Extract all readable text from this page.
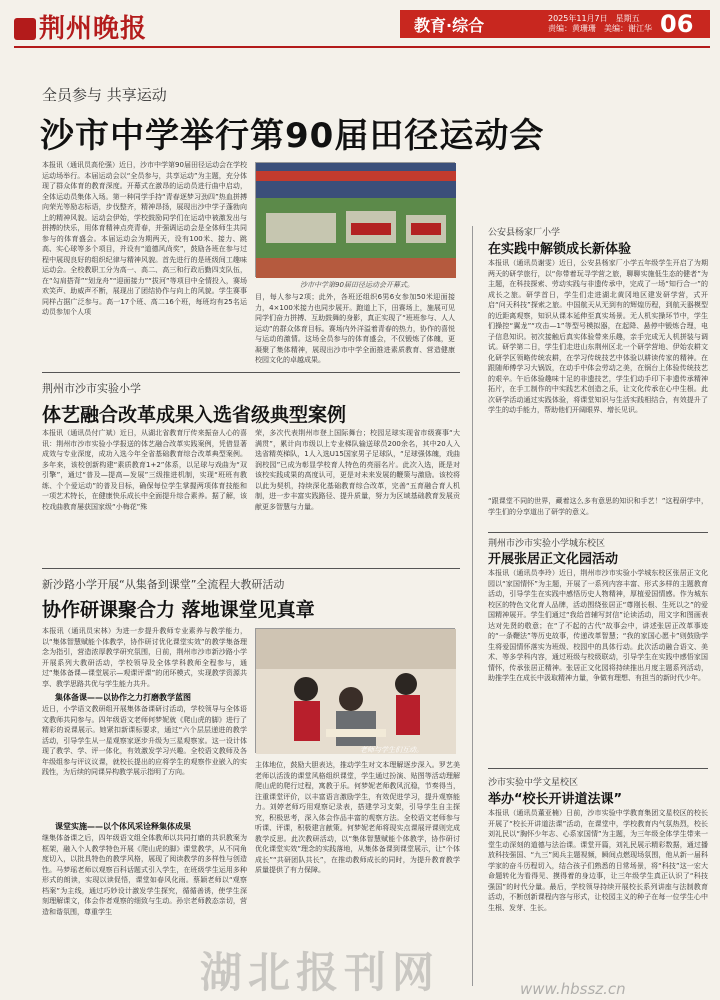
荆州晚报	教育·综合	2025年11月7日　星期五
责编：黄珊珊　美编：谢江华 06
全员参与 共享运动
沙市中学举行第90届田径运动会
本报讯（通讯员高伦强）近日，沙市中学第90届田径运动会在学校运动场举行。本届运动会以“全员参与，共享运动”为主题，充分体现了群众体育的教育深度。开幕式在激昂的运动员进行曲中启动，全体运动员集体入场。第一种同学手持“青春逐梦习劲四”热血拼搏向荣光等励志标语，步伐整齐，精神昂扬，展现出沙中学子蓬勃向上的精神风貌。运动会伊始，学校鼓励同学们在运动中被激发出与拼搏的快乐，用体育精神点亮青春，并强调运动会是全体师生共同参与的体育盛会。本届运动会为期两天，设有100米、接力、跳高、实心球等多个项目，并设有“道德风尚奖”，鼓励各班在参与过程中展现良好的组织纪律与精神风貌。首先进行的是班级间工趣味运动会。全校教职工分为高一、高二、高三和行政后勤四支队伍，在“勾肩搭背”“划龙舟”“迎面接力”“拔河”等项目中全情投入，赛场欢笑声、助威声不断，展现出了团结协作与向上的风貌。学生赛事同样占据广泛参与。高一17个班、高二16个班，每班均有25名运动员参加个人项
沙市中学第90届田径运动会开幕式。
目，每人参与2项；此外，各班还组织6男6女参加50米迎面接力，4×100米接力也同步展开。跑道上下，田赛场上，施展可见同学们奋力拼搏、互助鼓舞的身影，真正实现了“班班参与、人人运动”的群众体育目标。赛场内外洋溢着青春的热力，协作的喜悦与运动的激情。这场全员参与的体育盛会，不仅锻炼了体魄，更凝聚了集体精神，展现出沙市中学全面推进素质教育、营造健康校园文化的卓越成果。
荆州市沙市实验小学
体艺融合改革成果入选省级典型案例
本报讯（通讯员付广斌）近日，从湖北省教育厅传来振奋人心的喜讯：荆州市沙市实验小学报送的体艺融合改革实践案例，凭借显著成效与专业深度，成功入选今年全省基础教育综合改革典型案例。多年来，该校创新构建“素质教育1+2”体系，以足球与戏曲为“双引擎”，通过“普及—提高—发展”三级推进机制，实现“班班有教练、个个爱运动”的普及目标，确保每位学生掌握两项体育技能和一项艺术特长，在健康快乐成长中全面提升综合素养。据了解，该校戏曲教育屡获国家级“小梅花”殊
荣，多次代表荆州市登上国际舞台；校园足球实现省市级赛事“大满贯”，累计向市级以上专业梯队输送球员200余名，其中20人入选省精英梯队，1人入选U15国家男子足球队，“足球强体魄，戏曲润校园”已成为彰显学校育人特色的亮丽名片。此次入选，既是对该校实践成果的高度认可，更是对未来发展的鞭策与激励。该校将以此为契机，持续深化基础教育综合改革，完善“五育融合育人机制，进一步丰富实践路径、提升质量，努力为区域基础教育发展贡献更多智慧与力量。
新沙路小学开展“从集备到课堂”全流程大教研活动
协作研课聚合力 落地课堂见真章
本报讯（通讯员宋林）为进一步提升教师专业素养与教学能力，以“集体智慧赋能个体教学，协作研讨优化课堂实效”的教学集备理念为指引，营造浓厚教学研究氛围，日前，荆州市沙市新沙路小学开展系列大教研活动，学校领导及全体学科教师全程参与，通过“集体备课—课堂展示—观课评课”的闭环模式，实现教学资源共享、教学思路共优与学生能力共升。
集体备课——以协作之力打磨教学蓝图
近日，小学语文教研组开展集体备课研讨活动，学校领导与全体语文教师共同参与。四年级语文老师何梦妮就《爬山虎的脚》进行了精彩的说课展示。她紧扣新课标要求，通过“六个层层递进的教学活动，引导学生从一星观察家逐步升级为三星观察家。这一设计体现了教学、学、评一体化，有效激发学习兴趣。全校语文教师及各年级组参与评议议课，就校长提出的应将学生的观察作业嵌入的实践性，为后续的同课异构教学展示指明了方向。
课堂实施——以个体风采诠释集体成果
继集体备课之后，四年级语文组全体教师以共同打磨的共识教案为框架，融入个人教学特色开展《爬山虎的脚》课堂教学，从不同角度切入，以批具特色的教学风格，展现了阅读教学的多样性与创造性。马梦瑶老师以观察百科话题式引入学生，在班级学生运用多种形式的朗读，实现以读促悟，课堂如春风化雨。蔡颖老师以“观察档案”为主线，通过巧妙设计激发学生探究，循循善诱，使学生深刻理解课文，体会作者观察的细致与生动。孙宗老师教态亲切，营造和谐氛围，尊重学生
老师与学生们互动。
主体地位，鼓励大胆表达，推动学生对文本理解逐步深入。罗艺美老师以活泼的课堂风格组织课堂，学生通过扮演、贴图等活动理解爬山虎的爬行过程，寓教于乐。何梦妮老师教风沉稳，节奏得当，注重课堂评价，以丰富语言激励学生，有效促进学习，提升观察能力。刘婷老师巧用观察记录表，搭建学习支架，引导学生自主探究，积极思考，深入体会作品丰富的观察方法。全校语文老师参与听课、评课，积极建言献策。何梦妮老师将现实点课展评课则完成教学反思。此次教研活动，以“集体智慧赋能个体教学，协作研讨优化课堂实效”理念的实践落地，从集体备课到课堂展示，让“个体成长”“共研团队共长”，在推动教师成长的同时，为提升教育教学质量提供了有力保障。
公安县杨家厂小学
在实践中解锁成长新体验
本报讯（通讯员谢雯）近日，公安县杨家厂小学五年级学生开启了为期两天的研学旅行，以“你带着玩寻学营之旅，聊聊实施低生态的健者”为主题，在科技探索、劳动实践与非遗传承中，完成了一场“知行合一”的成长之旅。研学首日，学生们走进湖北黄冈地区建发研学营，式开启“问天科技”探索之旅。中国航天从无到有的辉煌历程，到航天器模型的近距离观察，知识从课本延伸至真实场景。无人机实操环节中，学生们操控“翼龙”“攻击—1”等型号模拟器，在起降、悬停中锻炼合理，电子信息知识。初次接触后真实体验带来乐趣，亲手完成无人机拼装与调试。研学第二日，学生们走进山东荆州区北一个研学营地、伊始农耕文化研学区领略传统农耕，在学习传统技艺中体验以耕读传家的精神。在跟随师傅学习大锅饭，在动手中体会劳动之美，在锅台上体验传统技艺的艰辛。午后体验趣味十足的非遗技艺，学生们动手印下非遗传承精神拓片，在手工制作的中实践艺术创造之乐，让文化传承在心中生根。此次研学活动通过实践体验，将课堂知识与生活实践相结合，有效提升了学生的动手能力，帮助他们开阔眼界、增长见识。
“跟课堂不同的世界，藏着这么多有意思的知识和手艺！”这程研学中，学生们的分享道出了研学的意义。
荆州市沙市实验小学城东校区
开展张居正文化园活动
本报讯（通讯员李玲）近日，荆州市沙市实验小学城东校区张居正文化园以“家国情怀”为主题，开展了一系列内容丰富、形式多样的主题教育活动，引导学生在实践中感悟历史人物精神，厚植爱国情感。作为城东校区的特色文化育人品牌，活动围绕张居正“尊刚长根、生死以之”的爱国精神展开。学生们通过“我给首辅写封信”论读活动，用文字和图画表达对先贤的敬意；在“了不起的古代”故事会中，讲述张居正改革事迹的“一条鞭法”等历史故事，传递改革智慧；“我的家国心愿卡”则鼓励学生将爱国情怀落实为班级、校园中的具体行动。此次活动融合语文、美术、等多学科内容，通过班级与校级联动，引导学生在实践中感悟家国情怀，传承张居正精神。张居正文化园将持续推出月度主题系列活动，助推学生在成长中汲取精神力量，争做有理想、有担当的新时代少年。
沙市实验中学文星校区
举办“校长开讲道法课”
本报讯（通讯员董亚楠）日前，沙市实验中学教育集团文星校区的校长开展了“校长开讲道法课”活动，在课堂中，学校教育内气氛热烈，校长刘礼民以“胸怀少年志、心系家国情”为主题，为三年级全体学生带来一堂生动深刻的道德与法治课。课堂开篇，刘礼民展示精彩数据，通过播放科技强国、“九三”阅兵主题视频，瞬间点燃现场氛围，他从新一届科学家的奋斗历程切入，结合孩子们熟悉的日常场景，将“科技”这一宏大命题转化为看得见、摸得着的身边事，让三年级学生真正认识了“科技强国”的时代分量。最后，学校领导持续开展校长系列讲座与法制教育活动，不断创新课程内容与形式，让校园主义的种子在每一位学生心中生根、发芽、生长。
湖北报刊网	www.hbssz.cn
